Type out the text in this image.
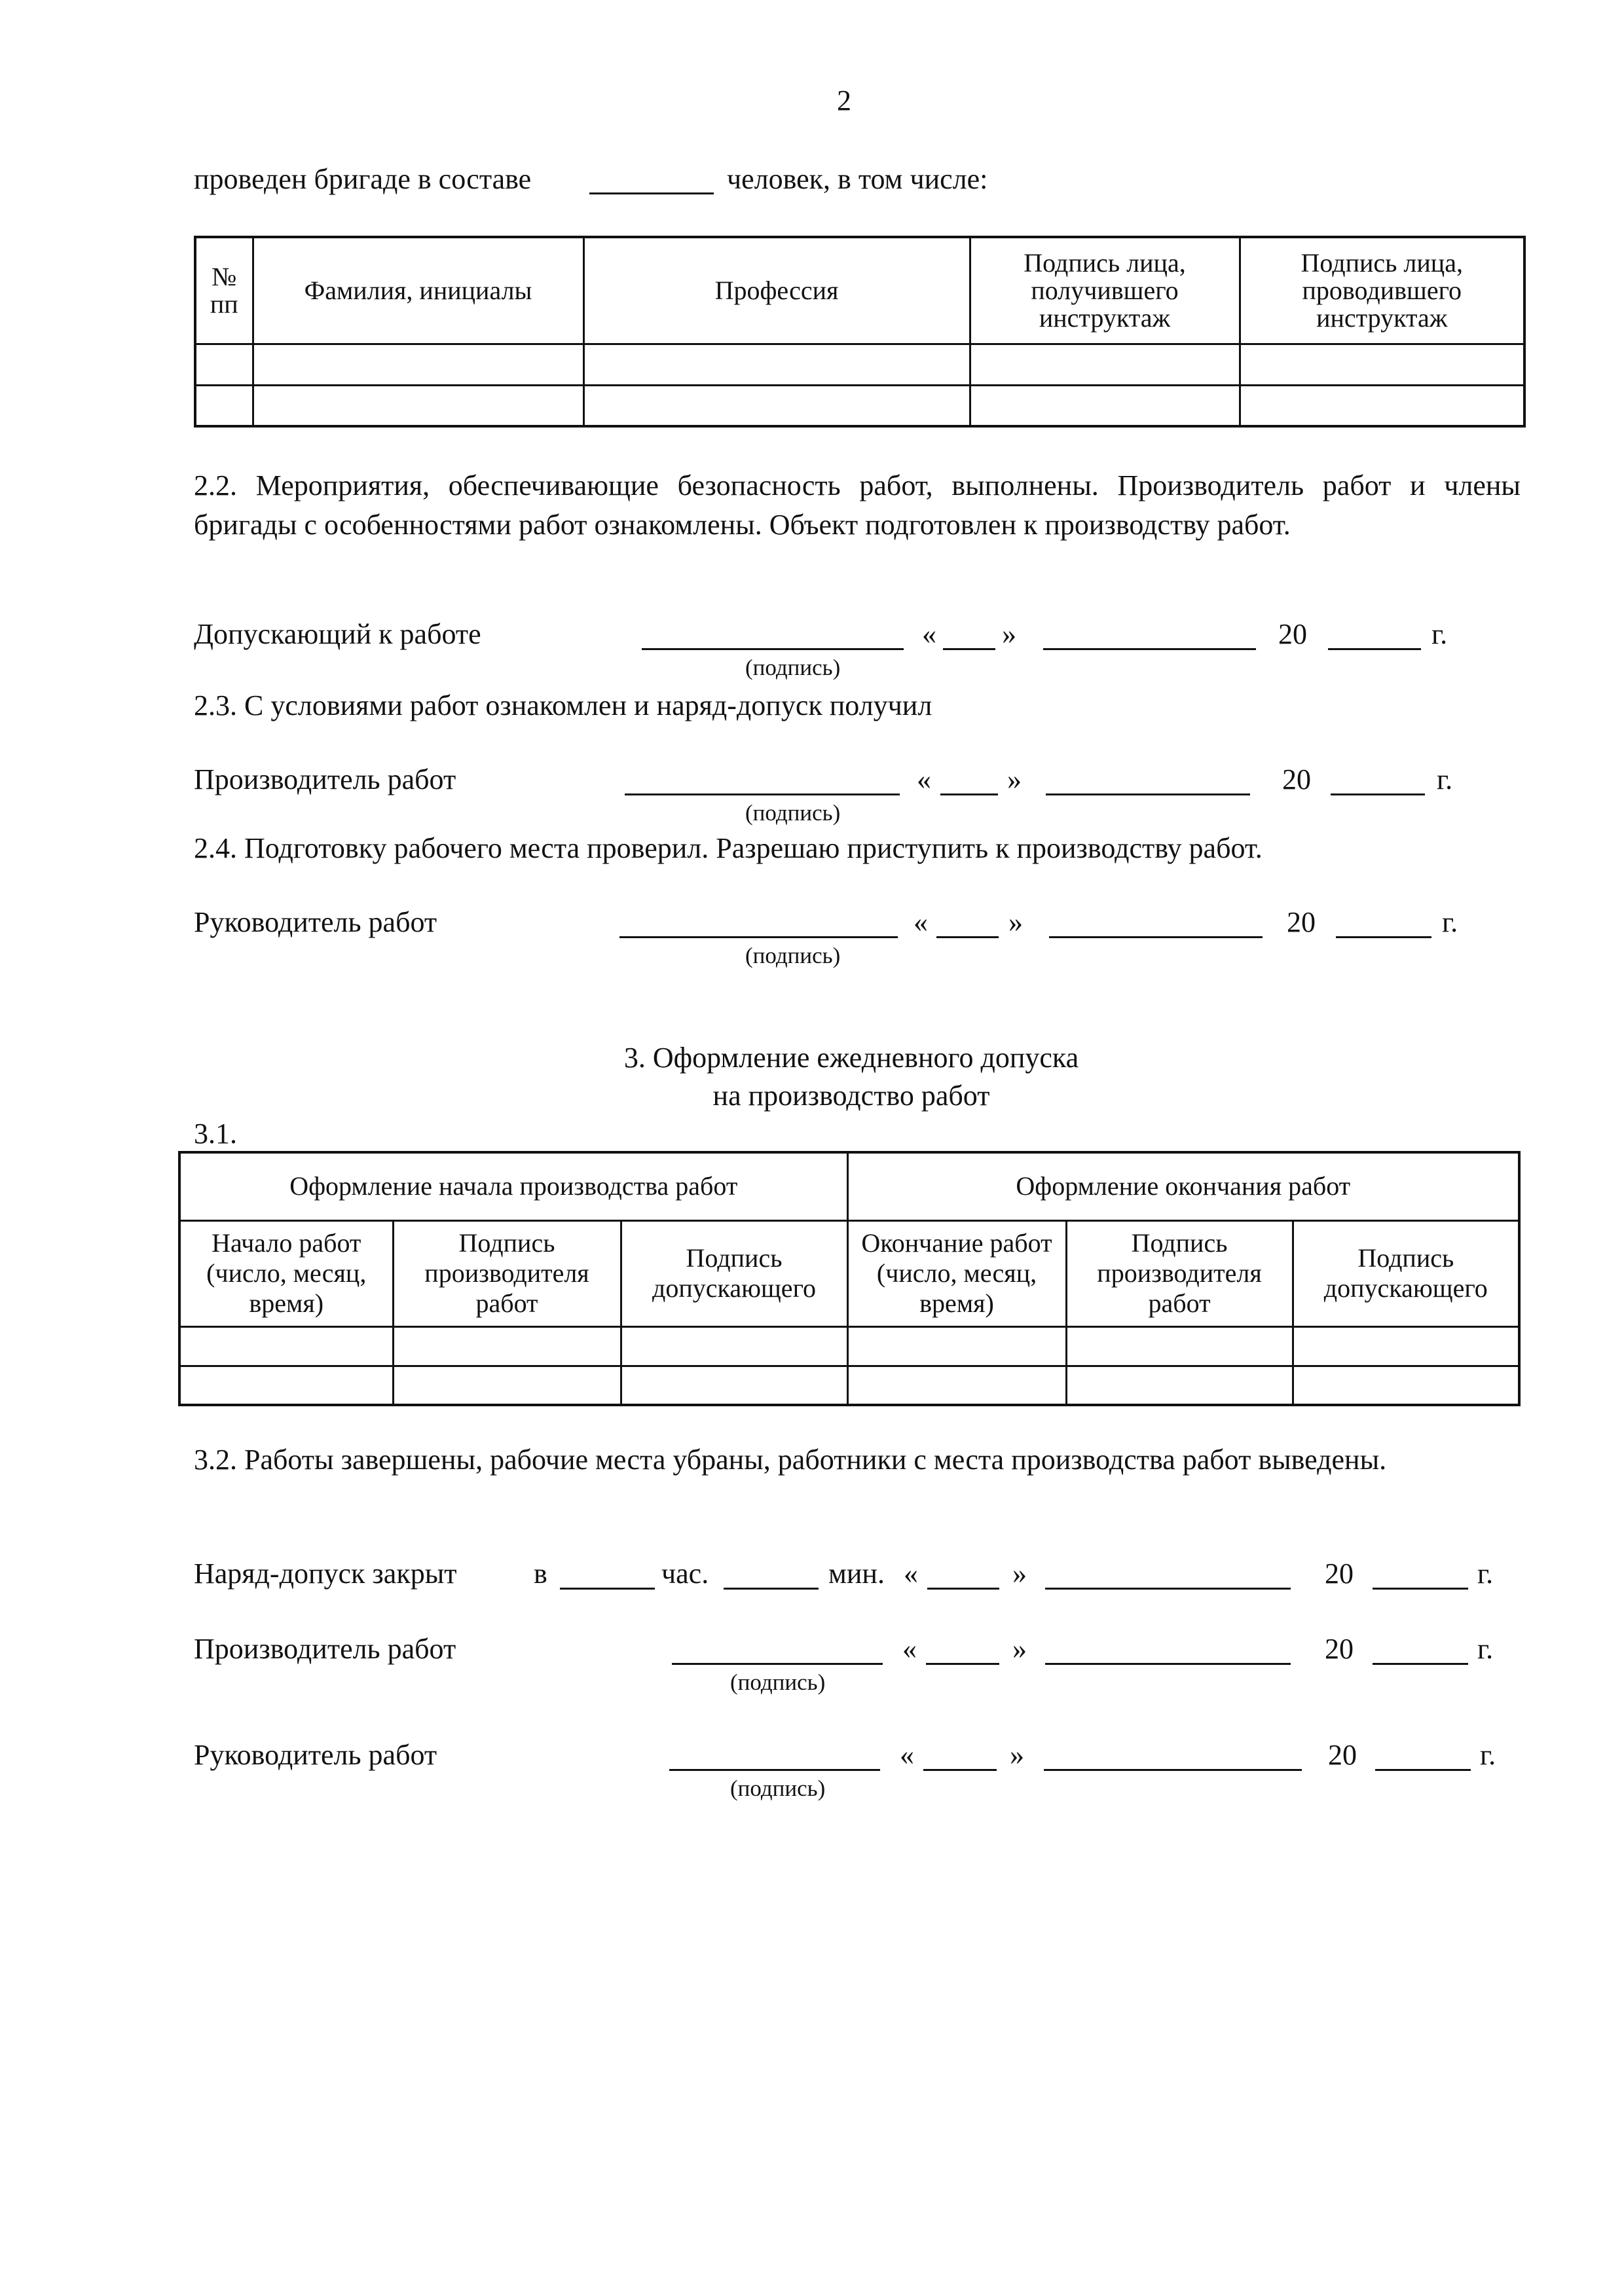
2
проведен бригаде в составе	человек, в том числе:
№ пп	Фамилия, инициалы	Профессия	Подпись лица, получившего инструктаж	Подпись лица, проводившего инструктаж

2.2. Мероприятия, обеспечивающие безопасность работ, выполнены. Производитель работ и члены бригады с особенностями работ ознакомлены. Объект подготовлен к производству работ.
Допускающий к работе	« »	20	г.
(подпись)
2.3. С условиями работ ознакомлен и наряд-допуск получил
Производитель работ	«	»	20	г.
(подпись)
2.4. Подготовку рабочего места проверил. Разрешаю приступить к производству работ.
Руководитель работ	«	»	20	г.
(подпись)
3. Оформление ежедневного допуска
на производство работ
3.1.
Оформление начала производства работ			Оформление окончания работ		
Начало работ (число, месяц, время)	Подпись производителя работ	Подпись допускающего	Окончание работ (число, месяц, время)	Подпись производителя работ	Подпись допускающего

3.2. Работы завершены, рабочие места убраны, работники с места производства работ выведены.
Наряд-допуск закрыт	в	час.	мин. «	»	20	г.
Производитель работ	«	»	20	г.
(подпись)
Руководитель работ	«	»	20	г.
(подпись)
